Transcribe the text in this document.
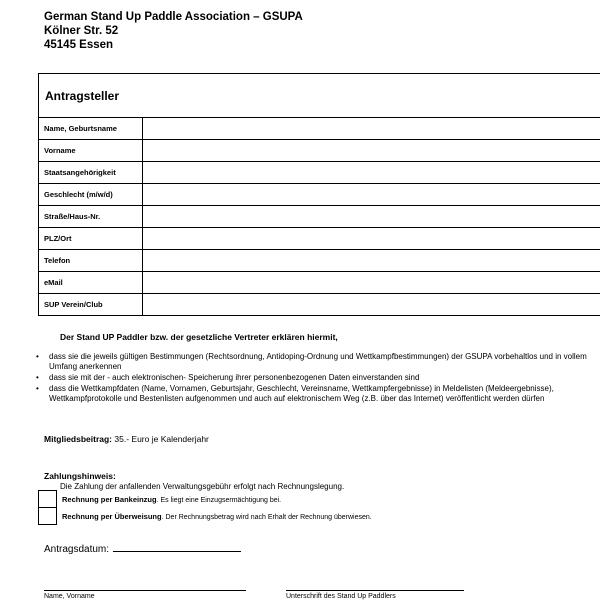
German Stand Up Paddle Association – GSUPA
Kölner Str. 52
45145 Essen
Antragsteller
Name, Geburtsname
Vorname
Staatsangehörigkeit
Geschlecht (m/w/d)
Straße/Haus-Nr.
PLZ/Ort
Telefon
eMail
SUP Verein/Club
Der Stand UP Paddler bzw. der gesetzliche Vertreter erklären hiermit,
• dass sie die jeweils gültigen Bestimmungen (Rechtsordnung, Antidoping-Ordnung und Wettkampfbestimmungen) der GSUPA vorbehaltlos und in vollem Umfang anerkennen
• dass sie mit der - auch elektronischen- Speicherung ihrer personenbezogenen Daten einverstanden sind
• dass die Wettkampfdaten (Name, Vornamen, Geburtsjahr, Geschlecht, Vereinsname, Wettkampfergebnisse) in Meldelisten (Meldeergebnisse), Wettkampfprotokolle und Bestenlisten aufgenommen und auch auf elektronischem Weg (z.B. über das Internet) veröffentlicht werden dürfen
Mitgliedsbeitrag: 35.- Euro je Kalenderjahr
Zahlungshinweis:
Die Zahlung der anfallenden Verwaltungsgebühr erfolgt nach Rechnungslegung.
Rechnung per Bankeinzug. Es liegt eine Einzugsermächtigung bei.
Rechnung per Überweisung. Der Rechnungsbetrag wird nach Erhalt der Rechnung überwiesen.
Antragsdatum:
Name, Vorname	Unterschrift des Stand Up Paddlers
